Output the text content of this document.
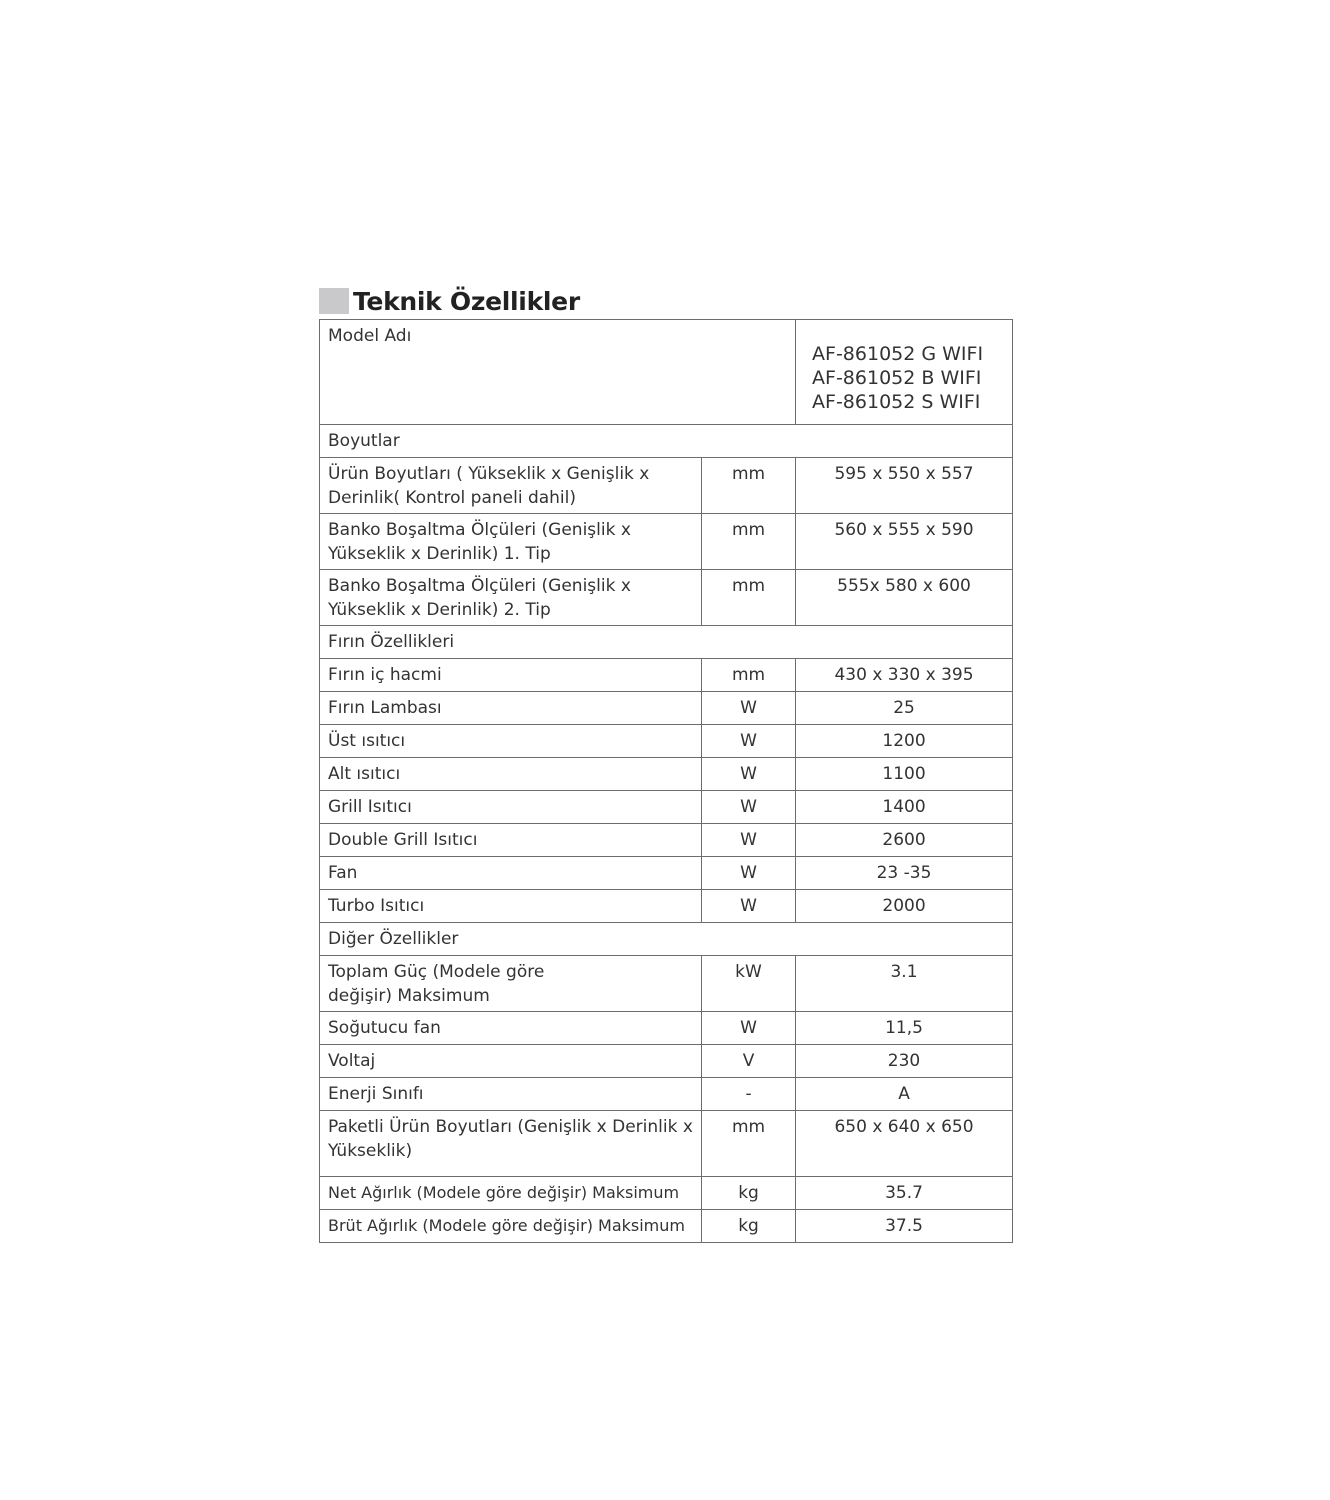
Teknik Özellikler
Model Adı		AF-861052 G WIFI
AF-861052 B WIFI
AF-861052 S WIFI

Boyutlar		
Ürün Boyutları ( Yükseklik x Genişlik x Derinlik( Kontrol paneli dahil)	mm	595 x 550 x 557
Banko Boşaltma Ölçüleri (Genişlik x Yükseklik x Derinlik) 1. Tip	mm	560 x 555 x 590
Banko Boşaltma Ölçüleri (Genişlik x Yükseklik x Derinlik) 2. Tip	mm	555x 580 x 600
Fırın Özellikleri		
Fırın iç hacmi	mm	430 x 330 x 395
Fırın Lambası	W	25
Üst ısıtıcı	W	1200
Alt ısıtıcı	W	1100
Grill Isıtıcı	W	1400
Double Grill Isıtıcı	W	2600
Fan	W	23 -35
Turbo Isıtıcı	W	2000
Diğer Özellikler		
Toplam Güç (Modele göre değişir) Maksimum	kW	3.1
Soğutucu fan	W	11,5
Voltaj	V	230
Enerji Sınıfı	-	A
Paketli Ürün Boyutları (Genişlik x Derinlik x Yükseklik)	mm	650 x 640 x 650
Net Ağırlık (Modele göre değişir) Maksimum	kg	35.7
Brüt Ağırlık (Modele göre değişir) Maksimum	kg	37.5
